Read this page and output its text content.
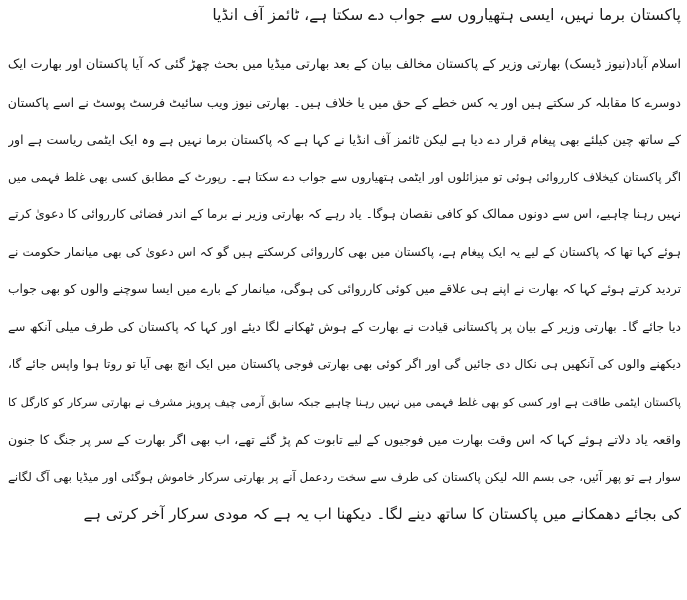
پاکستان برما نہیں، ایسی ہتھیاروں سے جواب دے سکتا ہے، ٹائمز آف انڈیا
اسلام آباد(نیوز ڈیسک) بھارتی وزیر کے پاکستان مخالف بیان کے بعد بھارتی میڈیا میں بحث چھڑ گئی کہ آیا پاکستان اور بھارت ایک
دوسرے کا مقابلہ کر سکتے ہیں اور یہ کس خطے کے حق میں یا خلاف ہیں۔ بھارتی نیوز ویب سائیٹ فرسٹ پوسٹ نے اسے پاکستان
کے ساتھ چین کیلئے بھی پیغام قرار دے دیا ہے لیکن ٹائمز آف انڈیا نے کہا ہے کہ پاکستان برما نہیں ہے وہ ایک ایٹمی ریاست ہے اور
اگر پاکستان کیخلاف کارروائی ہوئی تو میزائلوں اور ایٹمی ہتھیاروں سے جواب دے سکتا ہے۔ رپورٹ کے مطابق کسی بھی غلط فہمی میں
نہیں رہنا چاہیے، اس سے دونوں ممالک کو کافی نقصان ہوگا۔ یاد رہے کہ بھارتی وزیر نے برما کے اندر فضائی کارروائی کا دعویٰ کرتے
ہوئے کہا تھا کہ پاکستان کے لیے یہ ایک پیغام ہے، پاکستان میں بھی کارروائی کرسکتے ہیں گو کہ اس دعویٰ کی بھی میانمار حکومت نے
تردید کرتے ہوئے کہا کہ بھارت نے اپنے ہی علاقے میں کوئی کارروائی کی ہوگی، میانمار کے بارے میں ایسا سوچنے والوں کو بھی جواب
دیا جائے گا۔ بھارتی وزیر کے بیان پر پاکستانی قیادت نے بھارت کے ہوش ٹھکانے لگا دیئے اور کہا کہ پاکستان کی طرف میلی آنکھ سے
دیکھنے والوں کی آنکھیں ہی نکال دی جائیں گی اور اگر کوئی بھی بھارتی فوجی پاکستان میں ایک انچ بھی آیا تو روتا ہوا واپس جائے گا،
پاکستان ایٹمی طاقت ہے اور کسی کو بھی غلط فہمی میں نہیں رہنا چاہیے جبکہ سابق آرمی چیف پرویز مشرف نے بھارتی سرکار کو کارگل کا
واقعہ یاد دلاتے ہوئے کہا کہ اس وقت بھارت میں فوجیوں کے لیے تابوت کم پڑ گئے تھے، اب بھی اگر بھارت کے سر پر جنگ کا جنون
سوار ہے تو پھر آئیں، جی بسم اللہ لیکن پاکستان کی طرف سے سخت ردعمل آنے پر بھارتی سرکار خاموش ہوگئی اور میڈیا بھی آگ لگانے
کی بجائے دھمکانے میں پاکستان کا ساتھ دینے لگا۔ دیکھنا اب یہ ہے کہ مودی سرکار آخر کرتی ہے
